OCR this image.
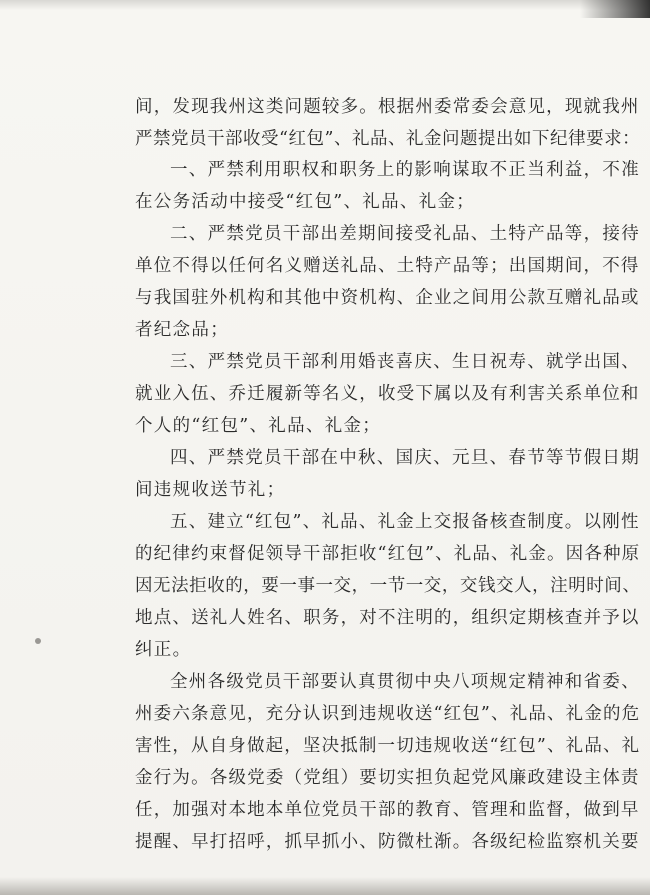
间，发现我州这类问题较多。根据州委常委会意见，现就我州

严禁党员干部收受“红包”、礼品、礼金问题提出如下纪律要求：

一、严禁利用职权和职务上的影响谋取不正当利益，不准

在公务活动中接受“红包”、礼品、礼金；

二、严禁党员干部出差期间接受礼品、土特产品等，接待

单位不得以任何名义赠送礼品、土特产品等；出国期间，不得

与我国驻外机构和其他中资机构、企业之间用公款互赠礼品或

者纪念品；

三、严禁党员干部利用婚丧喜庆、生日祝寿、就学出国、

就业入伍、乔迁履新等名义，收受下属以及有利害关系单位和

个人的“红包”、礼品、礼金；

四、严禁党员干部在中秋、国庆、元旦、春节等节假日期

间违规收送节礼；

五、建立“红包”、礼品、礼金上交报备核查制度。以刚性

的纪律约束督促领导干部拒收“红包”、礼品、礼金。因各种原

因无法拒收的，要一事一交，一节一交，交钱交人，注明时间、

地点、送礼人姓名、职务，对不注明的，组织定期核查并予以

纠正。

全州各级党员干部要认真贯彻中央八项规定精神和省委、

州委六条意见，充分认识到违规收送“红包”、礼品、礼金的危

害性，从自身做起，坚决抵制一切违规收送“红包”、礼品、礼

金行为。各级党委（党组）要切实担负起党风廉政建设主体责

任，加强对本地本单位党员干部的教育、管理和监督，做到早

提醒、早打招呼，抓早抓小、防微杜渐。各级纪检监察机关要
